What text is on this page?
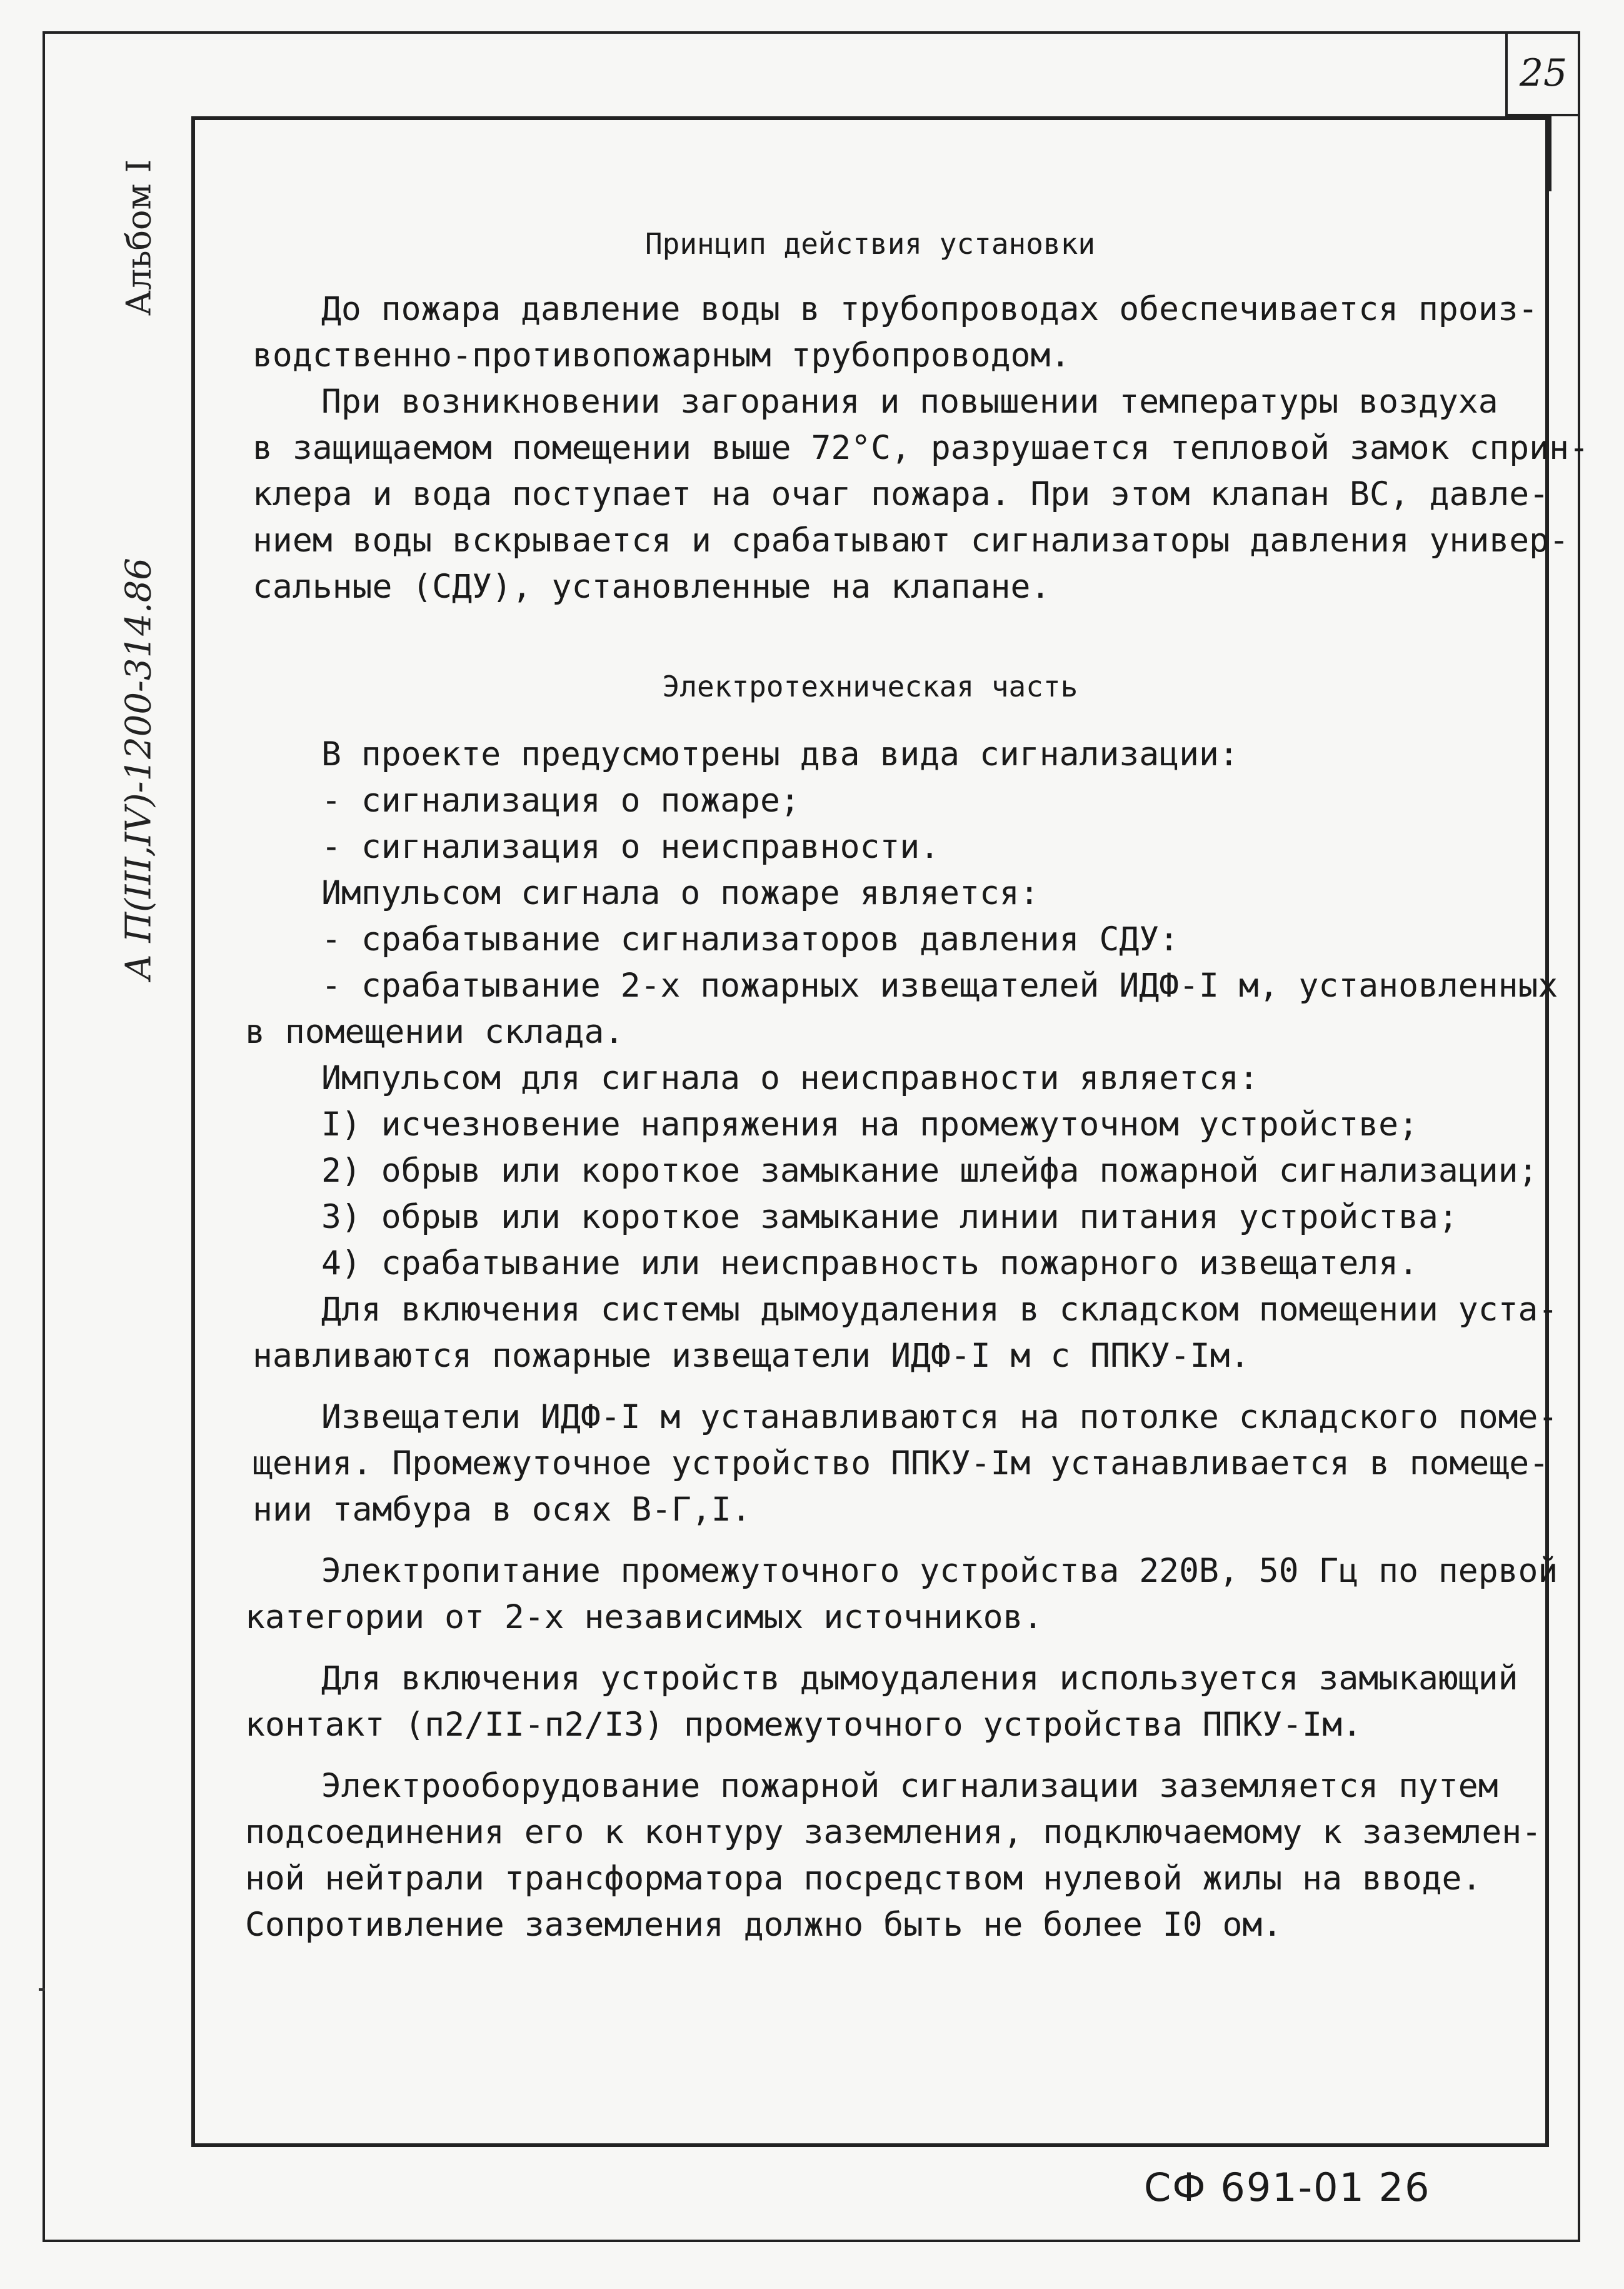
25
Альбом I
А П(III,IV)-1200-314.86
Принцип действия установки
До пожара давление воды в трубопроводах обеспечивается произ-
водственно-противопожарным трубопроводом.
При возникновении загорания и повышении температуры воздуха
в защищаемом помещении выше 72°С, разрушается тепловой замок сприн-
клера и вода поступает на очаг пожара. При этом клапан ВС, давле-
нием воды вскрывается и срабатывают сигнализаторы давления универ-
сальные (СДУ), установленные на клапане.
Электротехническая часть
В проекте предусмотрены два вида сигнализации:
- сигнализация о пожаре;
- сигнализация о неисправности.
Импульсом сигнала о пожаре является:
- срабатывание сигнализаторов давления СДУ:
- срабатывание 2-х пожарных извещателей ИДФ-I м, установленных
в помещении склада.
Импульсом для сигнала о неисправности является:
I) исчезновение напряжения на промежуточном устройстве;
2) обрыв или короткое замыкание шлейфа пожарной сигнализации;
3) обрыв или короткое замыкание линии питания устройства;
4) срабатывание или неисправность пожарного извещателя.
Для включения системы дымоудаления в складском помещении уста-
навливаются пожарные извещатели ИДФ-I м с ППКУ-Iм.
Извещатели ИДФ-I м устанавливаются на потолке складского поме-
щения. Промежуточное устройство ППКУ-Iм устанавливается в помеще-
нии тамбура в осях В-Г,I.
Электропитание промежуточного устройства 220В, 50 Гц по первой
категории от 2-х независимых источников.
Для включения устройств дымоудаления используется замыкающий
контакт (п2/II-п2/I3) промежуточного устройства ППКУ-Iм.
Электрооборудование пожарной сигнализации заземляется путем
подсоединения его к контуру заземления, подключаемому к заземлен-
ной нейтрали трансформатора посредством нулевой жилы на вводе.
Сопротивление заземления должно быть не более I0 ом.
СФ 691-01 26
